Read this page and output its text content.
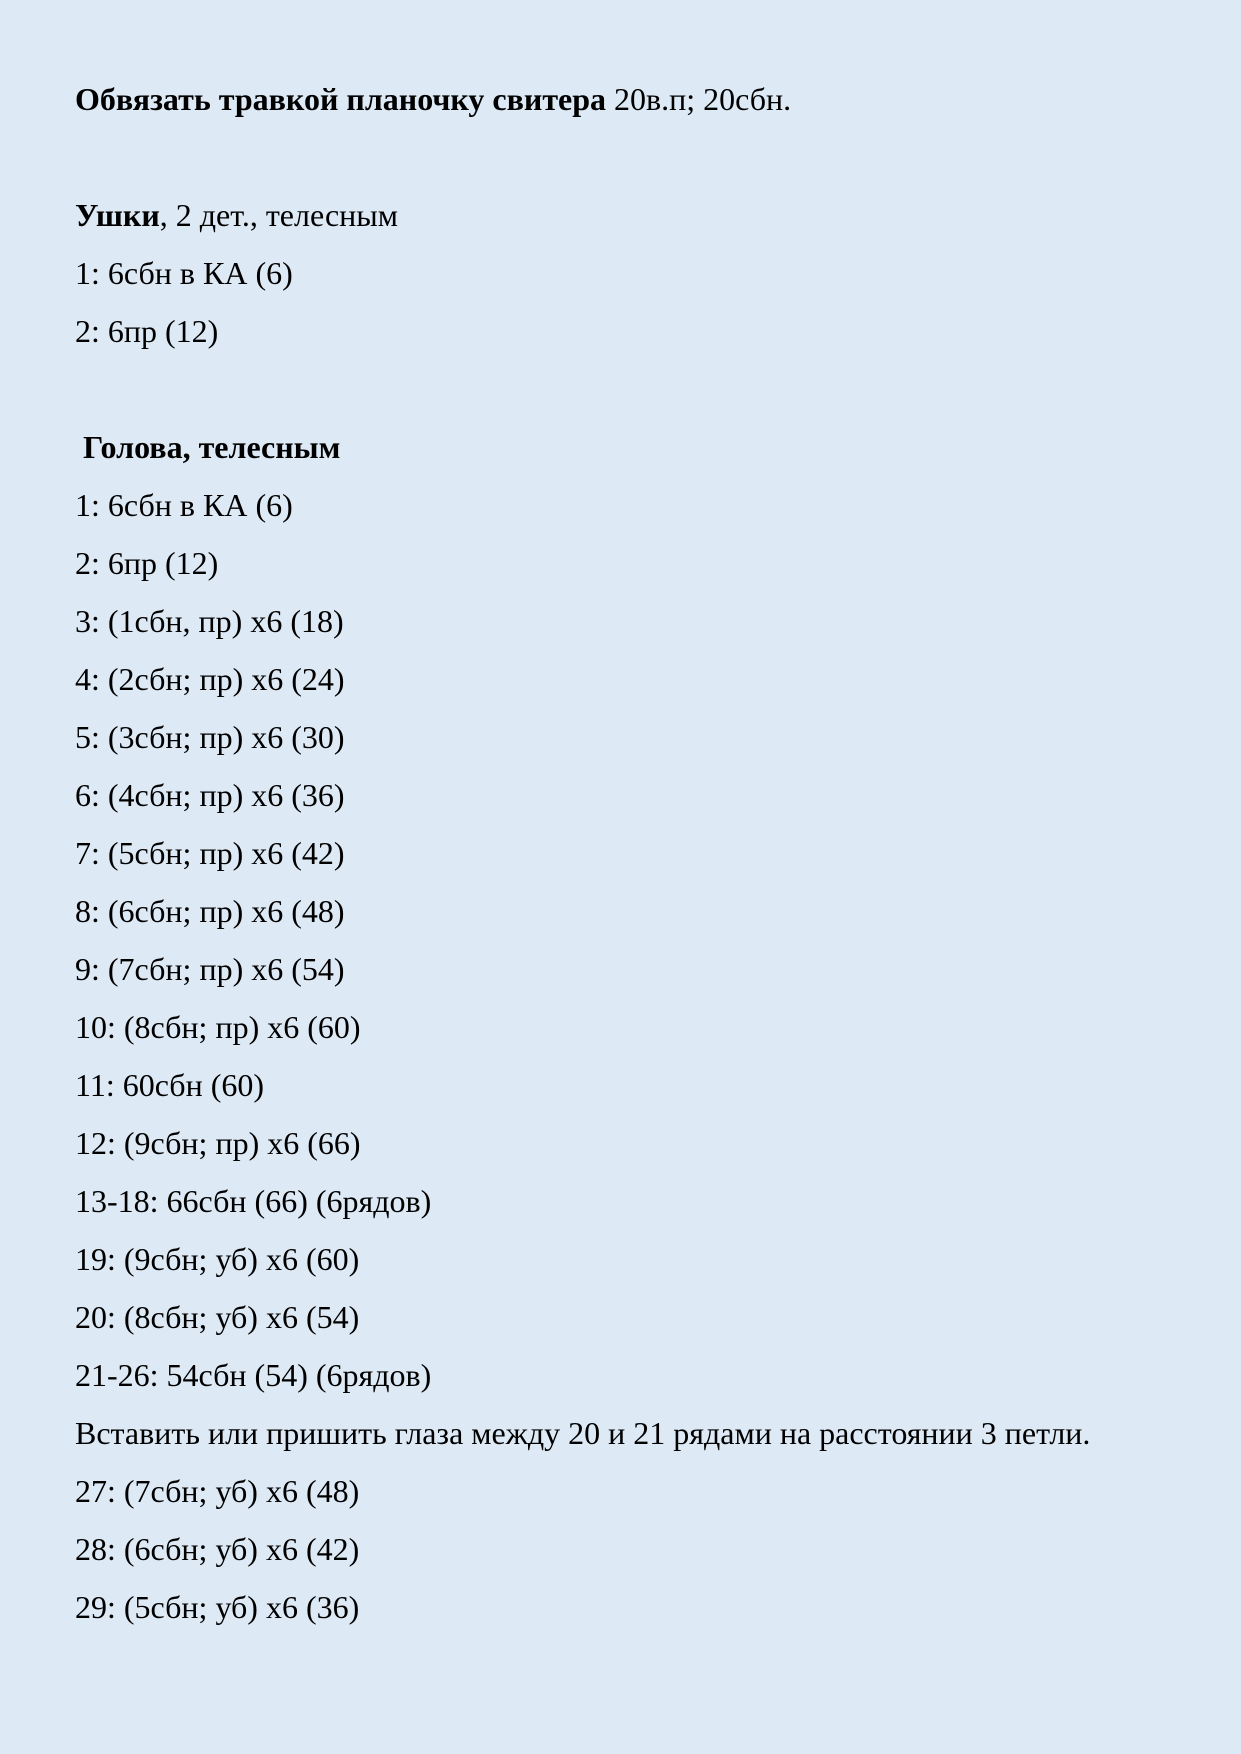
Обвязать травкой планочку свитера 20в.п; 20сбн.

Ушки, 2 дет., телесным

1: 6сбн в КА (6)

2: 6пр (12)

Голова, телесным

1: 6сбн в КА (6)

2: 6пр (12)

3: (1сбн, пр) х6 (18)

4: (2сбн; пр) х6 (24)

5: (3сбн; пр) х6 (30)

6: (4сбн; пр) х6 (36)

7: (5сбн; пр) х6 (42)

8: (6сбн; пр) х6 (48)

9: (7сбн; пр) х6 (54)

10: (8сбн; пр) х6 (60)

11: 60сбн (60)

12: (9сбн; пр) х6 (66)

13-18: 66сбн (66) (6рядов)

19: (9сбн; уб) х6 (60)

20: (8сбн; уб) х6 (54)

21-26: 54сбн (54) (6рядов)

Вставить или пришить глаза между 20 и 21 рядами на расстоянии 3 петли.

27: (7сбн; уб) х6 (48)

28: (6сбн; уб) х6 (42)

29: (5сбн; уб) х6 (36)
